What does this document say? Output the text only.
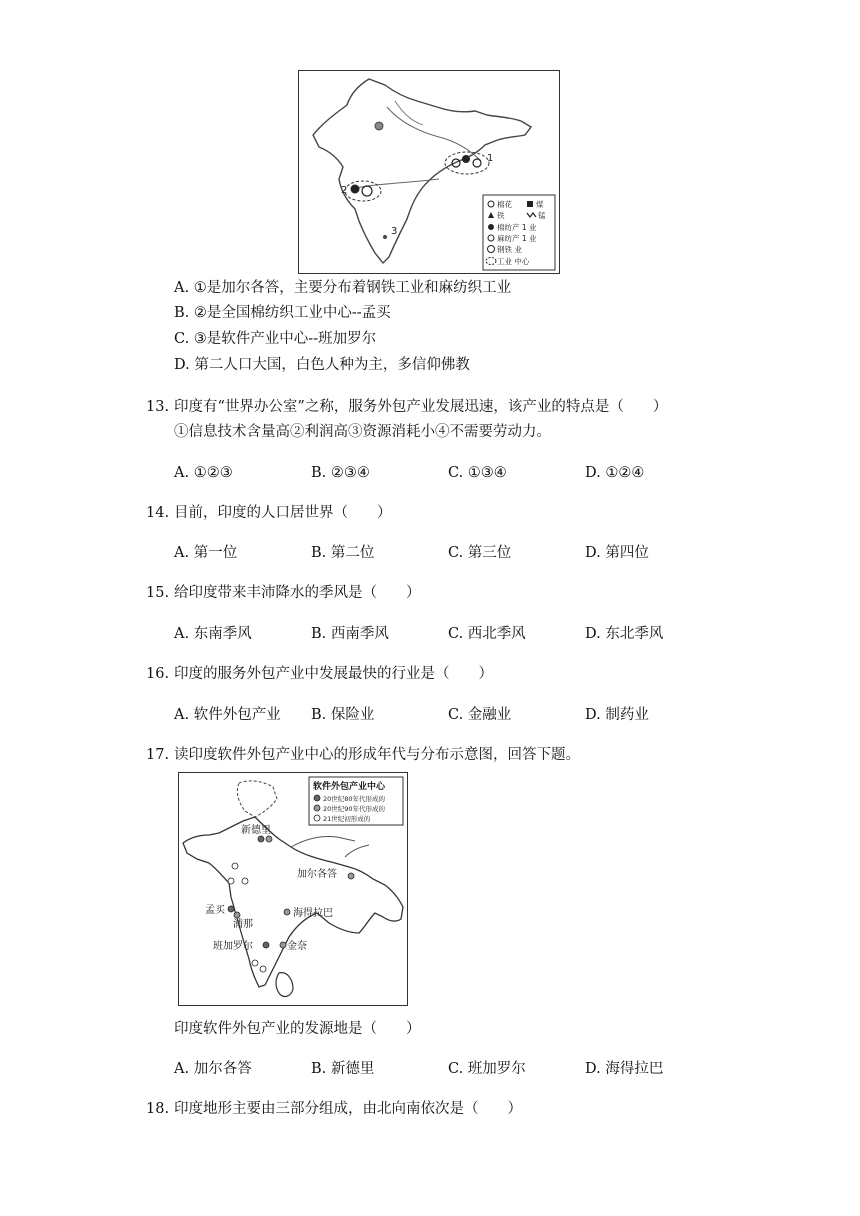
1
2
3
棉花	煤
铁	锰
棉纺产 1 业
麻纺产 1 业
钢铁 业
工业 中心
A. ①是加尔各答，主要分布着钢铁工业和麻纺织工业
B. ②是全国棉纺织工业中心--孟买
C. ③是软件产业中心--班加罗尔
D. 第二人口大国，白色人种为主，多信仰佛教
13. 印度有“世界办公室”之称，服务外包产业发展迅速，该产业的特点是（　　）
①信息技术含量高②利润高③资源消耗小④不需要劳动力。
A. ①②③	B. ②③④	C. ①③④	D. ①②④
14. 目前，印度的人口居世界（　　）
A. 第一位	B. 第二位	C. 第三位	D. 第四位
15. 给印度带来丰沛降水的季风是（　　）
A. 东南季风	B. 西南季风	C. 西北季风	D. 东北季风
16. 印度的服务外包产业中发展最快的行业是（　　）
A. 软件外包产业 B. 保险业	C. 金融业	D. 制药业
17. 读印度软件外包产业中心的形成年代与分布示意图，回答下题。
软件外包产业中心
20世纪80年代形成的
20世纪90年代形成的
21世纪初形成的
新德里
加尔各答
孟买
浦那
海得拉巴
班加罗尔	金奈
印度软件外包产业的发源地是（　　）
A. 加尔各答	B. 新德里	C. 班加罗尔	D. 海得拉巴
18. 印度地形主要由三部分组成，由北向南依次是（　　）
